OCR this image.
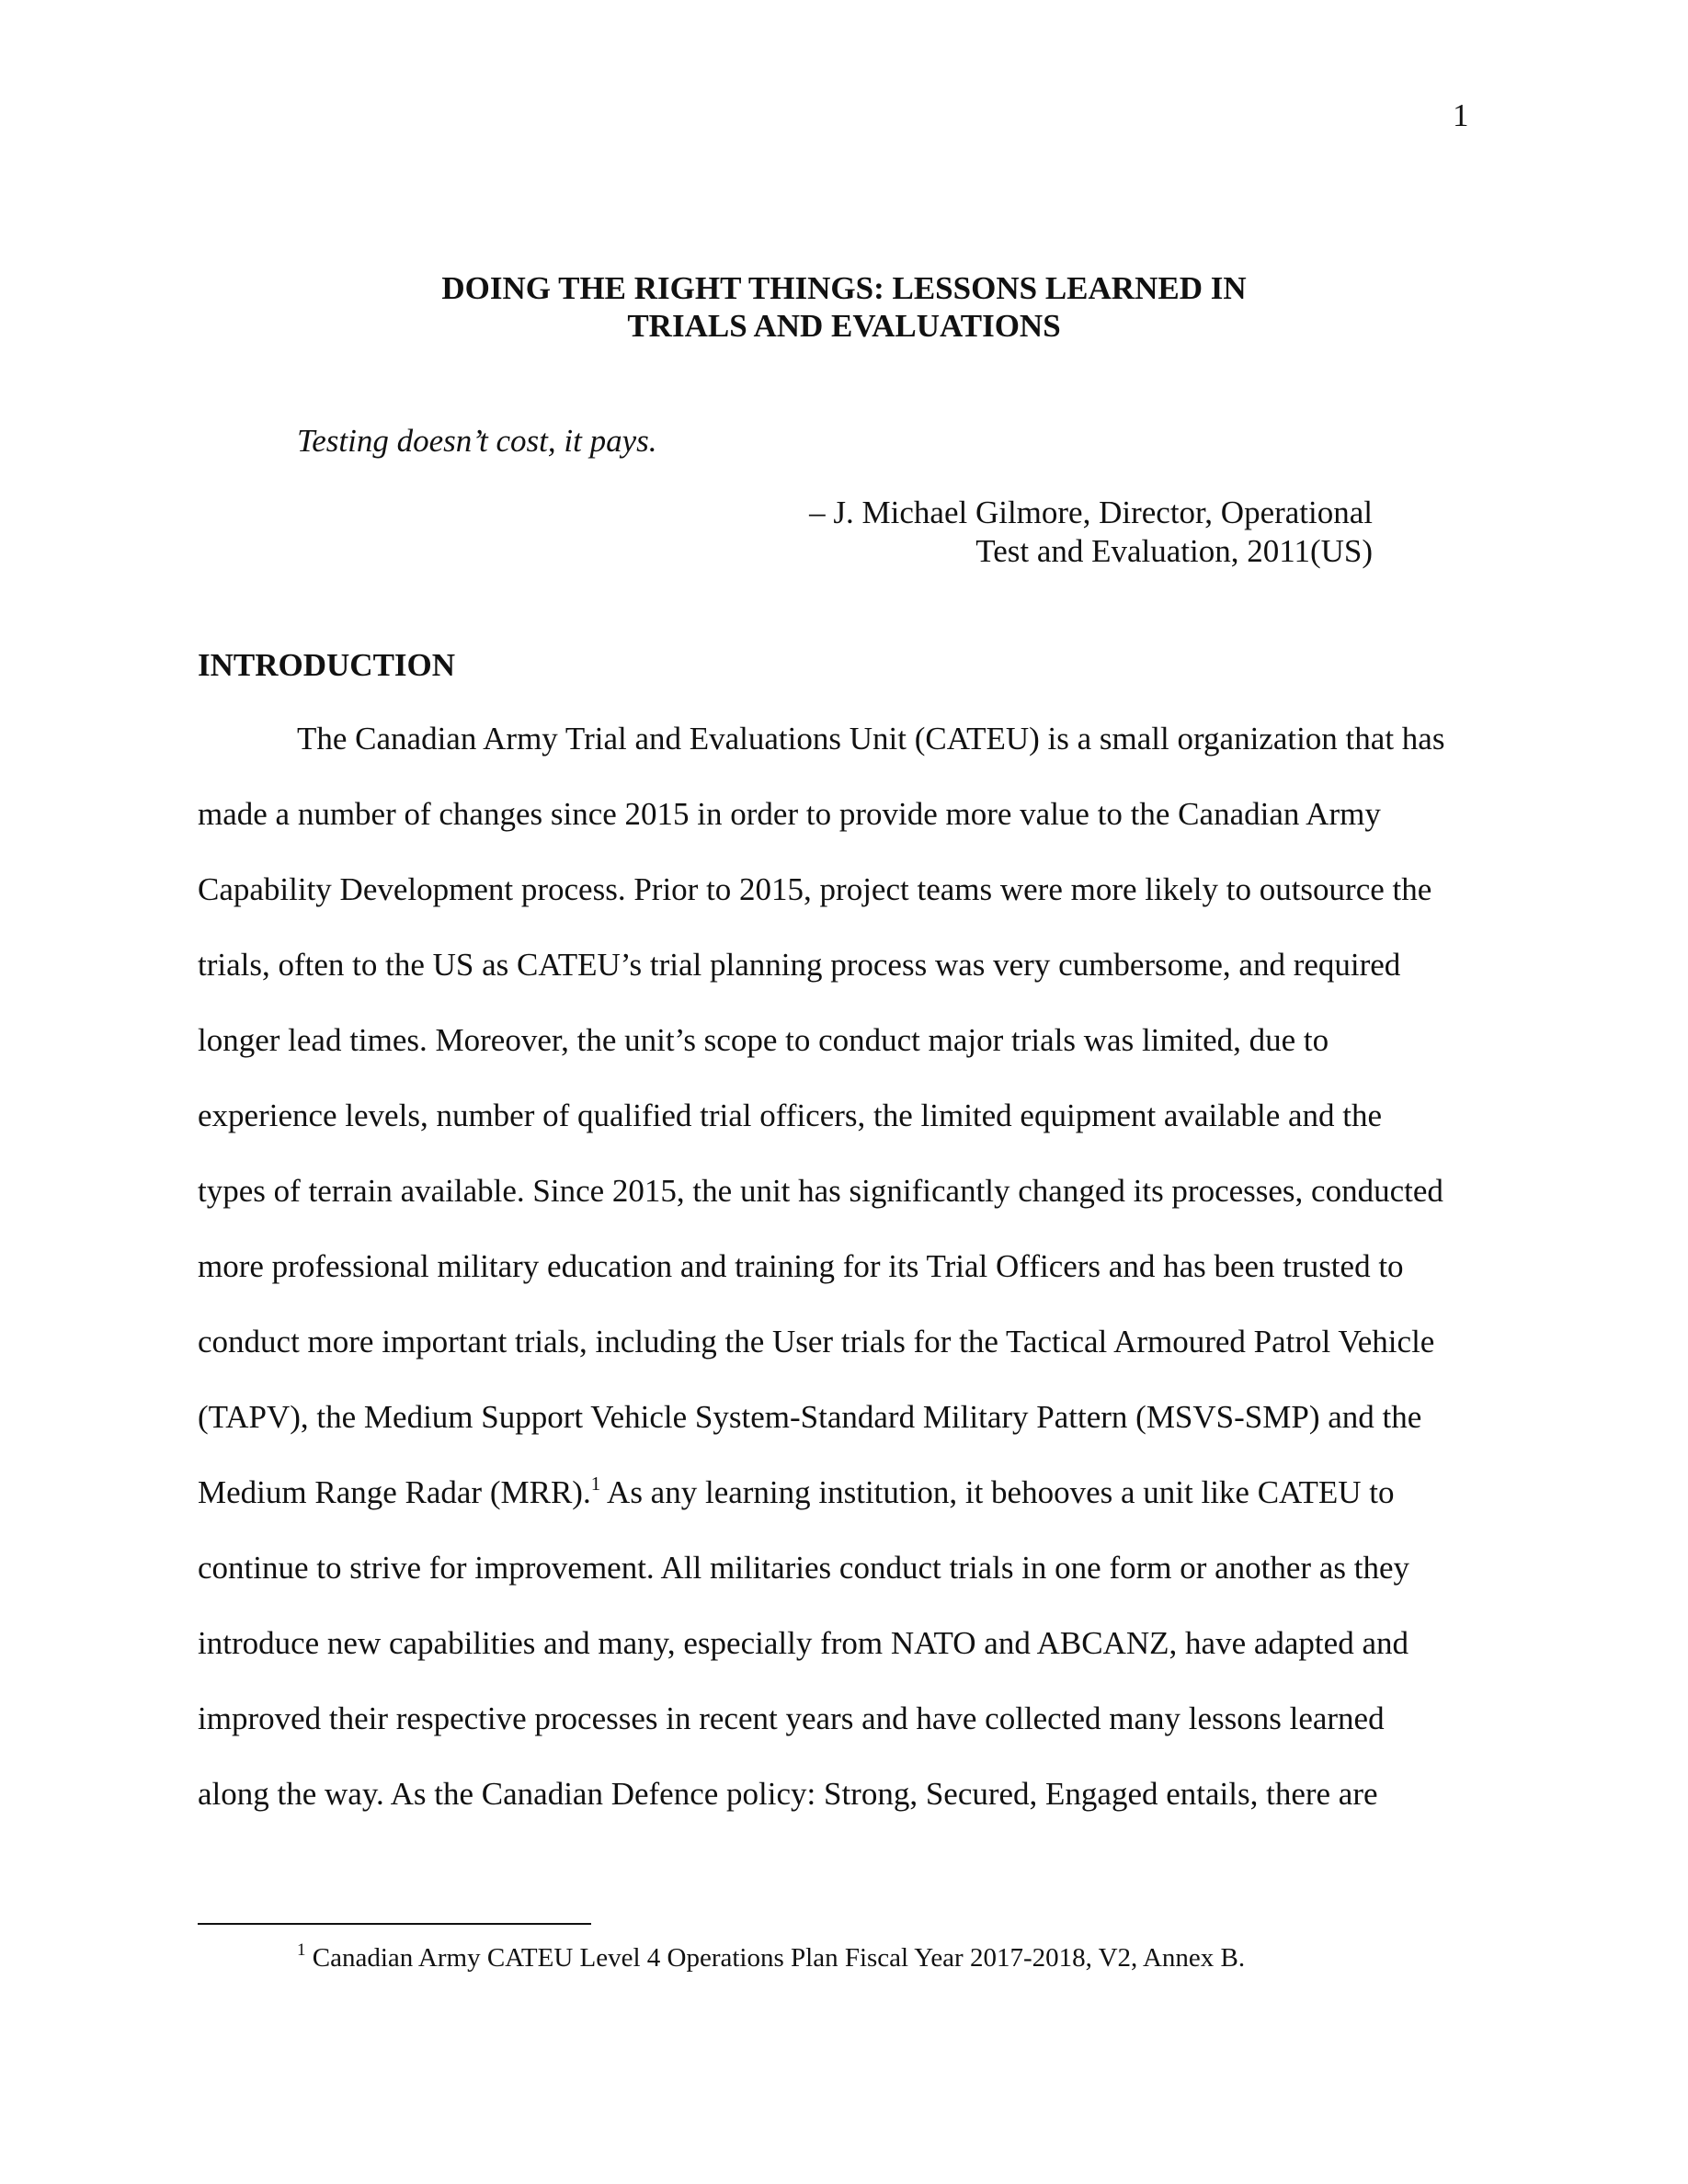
1
DOING THE RIGHT THINGS: LESSONS LEARNED IN
TRIALS AND EVALUATIONS
Testing doesn’t cost, it pays.
– J. Michael Gilmore, Director, Operational
Test and Evaluation, 2011(US)
INTRODUCTION
The Canadian Army Trial and Evaluations Unit (CATEU) is a small organization that has
made a number of changes since 2015 in order to provide more value to the Canadian Army
Capability Development process. Prior to 2015, project teams were more likely to outsource the
trials, often to the US as CATEU’s trial planning process was very cumbersome, and required
longer lead times. Moreover, the unit’s scope to conduct major trials was limited, due to
experience levels, number of qualified trial officers, the limited equipment available and the
types of terrain available. Since 2015, the unit has significantly changed its processes, conducted
more professional military education and training for its Trial Officers and has been trusted to
conduct more important trials, including the User trials for the Tactical Armoured Patrol Vehicle
(TAPV), the Medium Support Vehicle System-Standard Military Pattern (MSVS-SMP) and the
Medium Range Radar (MRR).$^1$ As any learning institution, it behooves a unit like CATEU to
continue to strive for improvement. All militaries conduct trials in one form or another as they
introduce new capabilities and many, especially from NATO and ABCANZ, have adapted and
improved their respective processes in recent years and have collected many lessons learned
along the way. As the Canadian Defence policy: Strong, Secured, Engaged entails, there are
$^1$ Canadian Army CATEU Level 4 Operations Plan Fiscal Year 2017-2018, V2, Annex B.
